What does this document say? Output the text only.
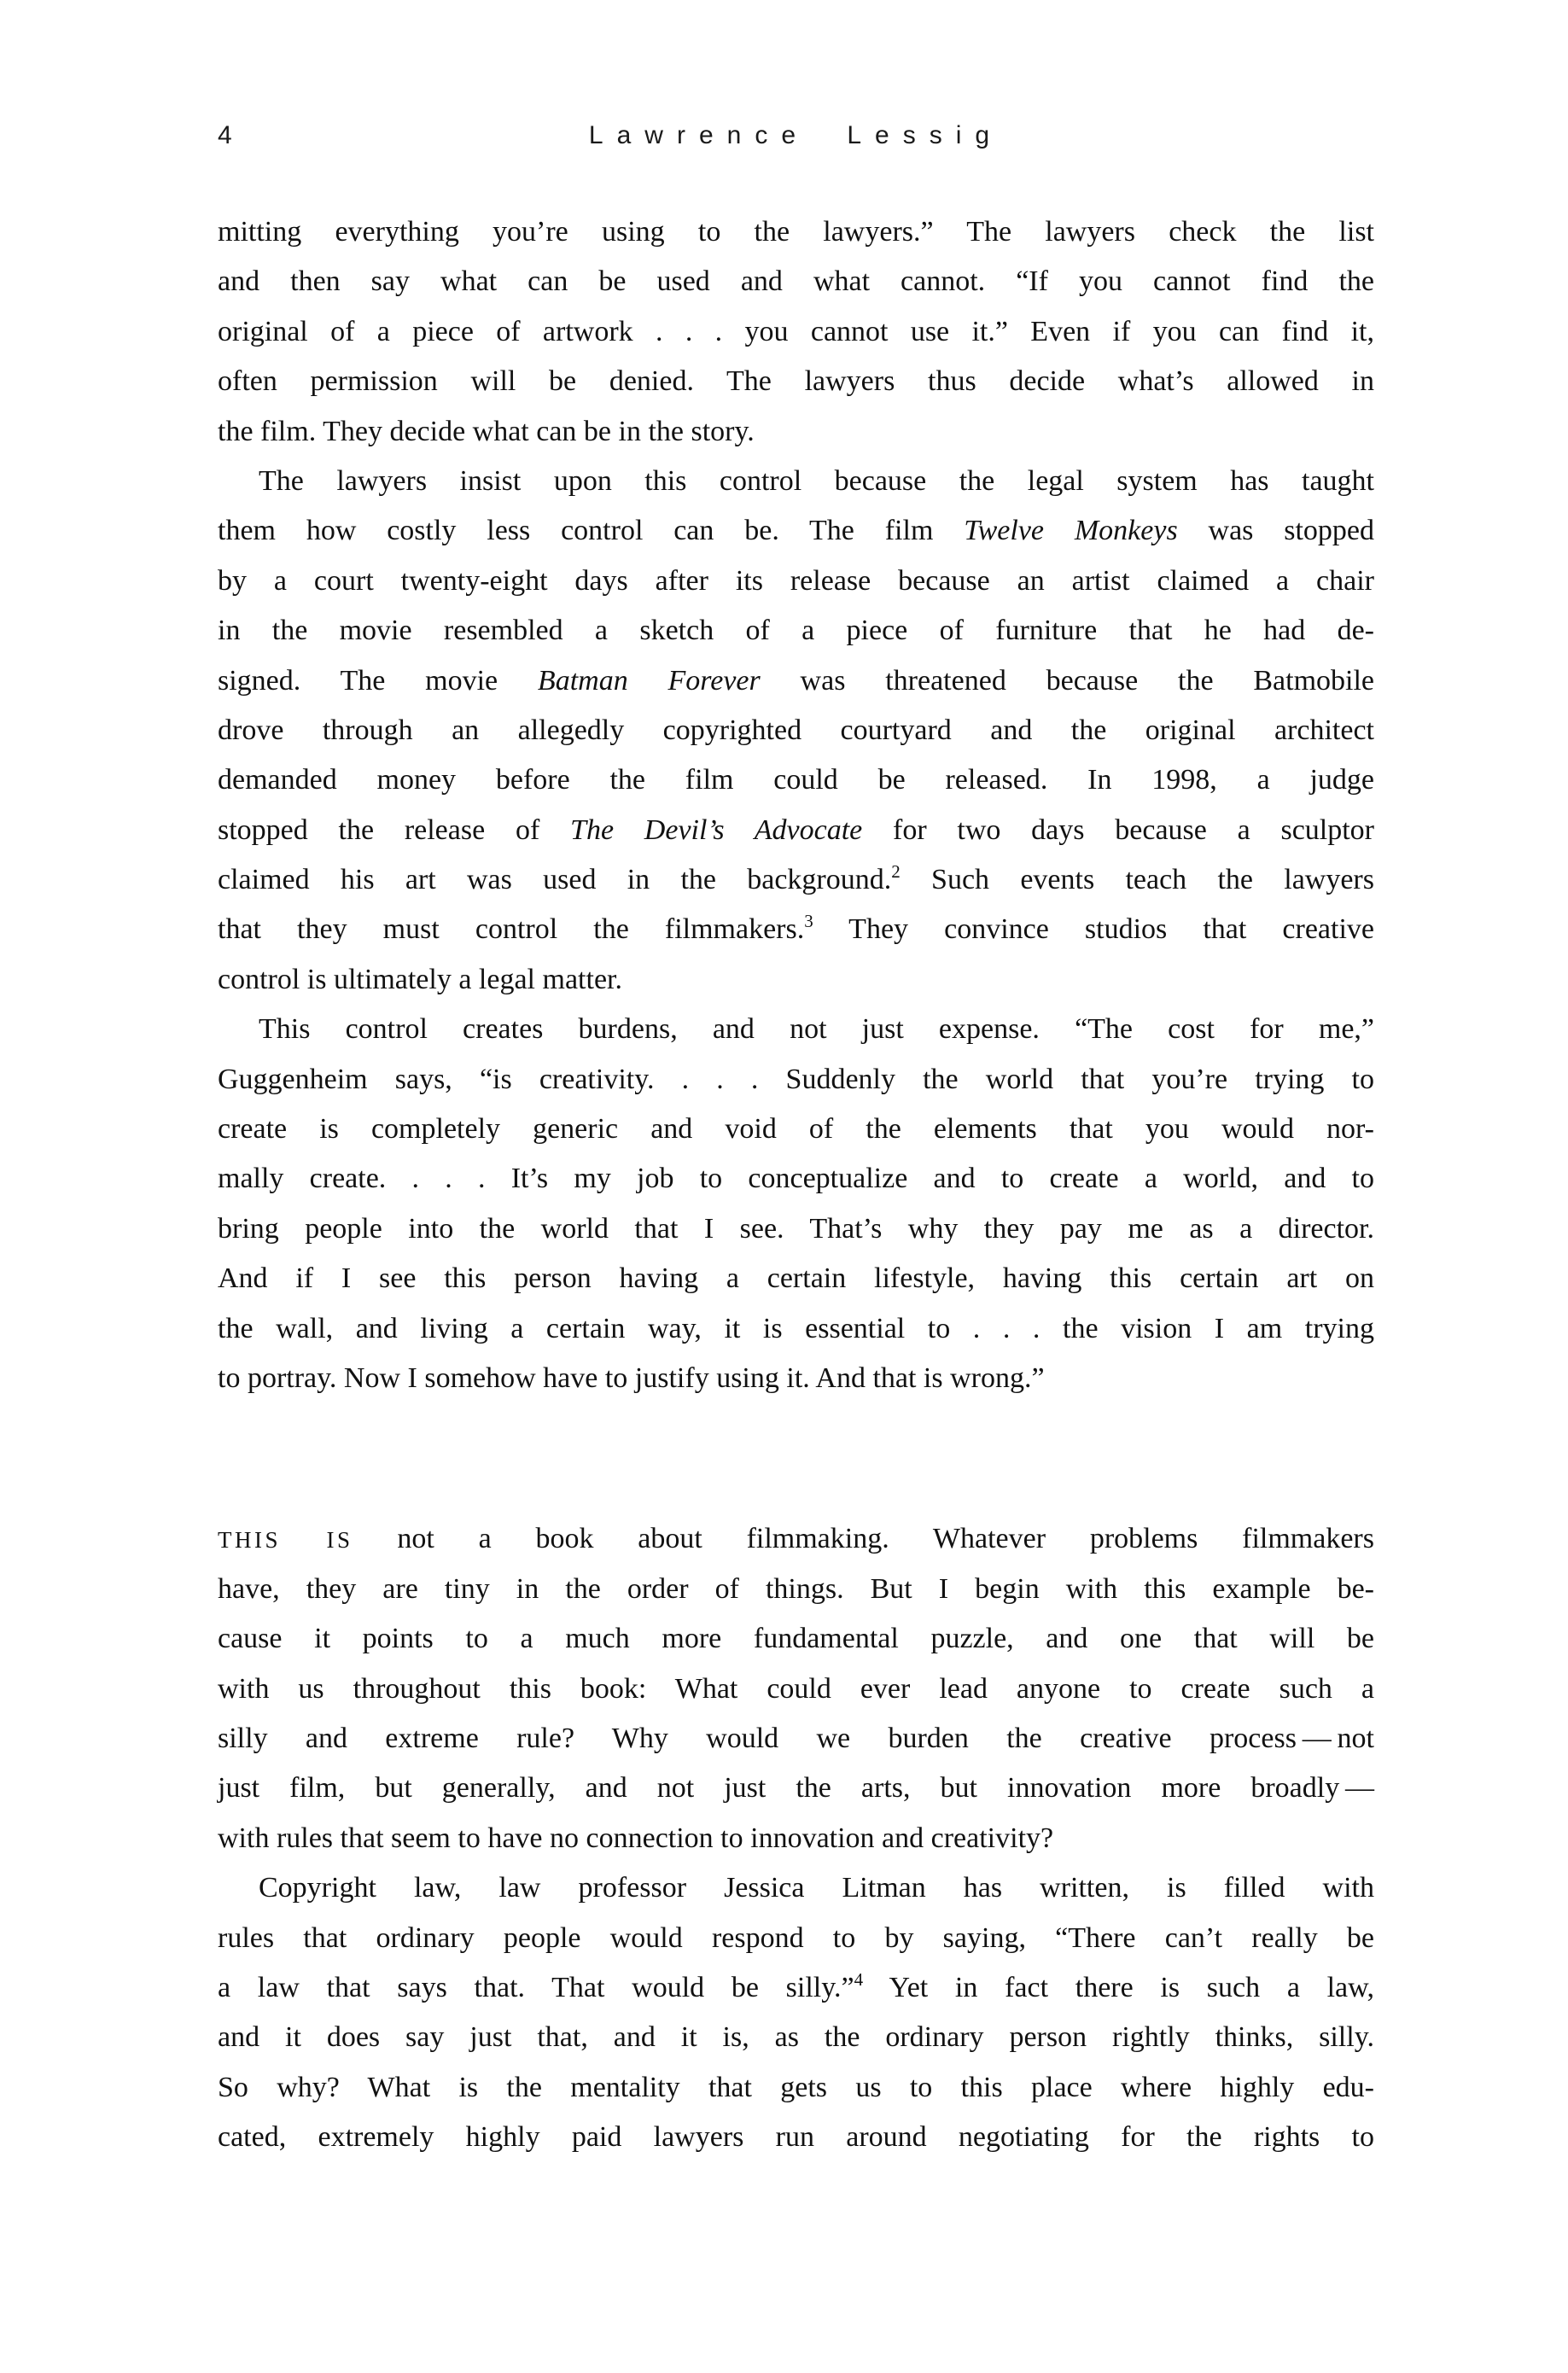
4	Lawrence Lessig
mitting everything you’re using to the lawyers.” The lawyers check the list
and then say what can be used and what cannot. “If you cannot find the
original of a piece of artwork . . . you cannot use it.” Even if you can find it,
often permission will be denied. The lawyers thus decide what’s allowed in
the film. They decide what can be in the story.
The lawyers insist upon this control because the legal system has taught
them how costly less control can be. The film Twelve Monkeys was stopped
by a court twenty-eight days after its release because an artist claimed a chair
in the movie resembled a sketch of a piece of furniture that he had de-
signed. The movie Batman Forever was threatened because the Batmobile
drove through an allegedly copyrighted courtyard and the original architect
demanded money before the film could be released. In 1998, a judge
stopped the release of The Devil’s Advocate for two days because a sculptor
claimed his art was used in the background.$^2$ Such events teach the lawyers
that they must control the filmmakers.$^3$ They convince studios that creative
control is ultimately a legal matter.
This control creates burdens, and not just expense. “The cost for me,”
Guggenheim says, “is creativity. . . . Suddenly the world that you’re trying to
create is completely generic and void of the elements that you would nor-
mally create. . . . It’s my job to conceptualize and to create a world, and to
bring people into the world that I see. That’s why they pay me as a director.
And if I see this person having a certain lifestyle, having this certain art on
the wall, and living a certain way, it is essential to . . . the vision I am trying
to portray. Now I somehow have to justify using it. And that is wrong.”
THIS IS not a book about filmmaking. Whatever problems filmmakers
have, they are tiny in the order of things. But I begin with this example be-
cause it points to a much more fundamental puzzle, and one that will be
with us throughout this book: What could ever lead anyone to create such a
silly and extreme rule? Why would we burden the creative process — not
just film, but generally, and not just the arts, but innovation more broadly —
with rules that seem to have no connection to innovation and creativity?
Copyright law, law professor Jessica Litman has written, is filled with
rules that ordinary people would respond to by saying, “There can’t really be
a law that says that. That would be silly.”$^4$ Yet in fact there is such a law,
and it does say just that, and it is, as the ordinary person rightly thinks, silly.
So why? What is the mentality that gets us to this place where highly edu-
cated, extremely highly paid lawyers run around negotiating for the rights to
